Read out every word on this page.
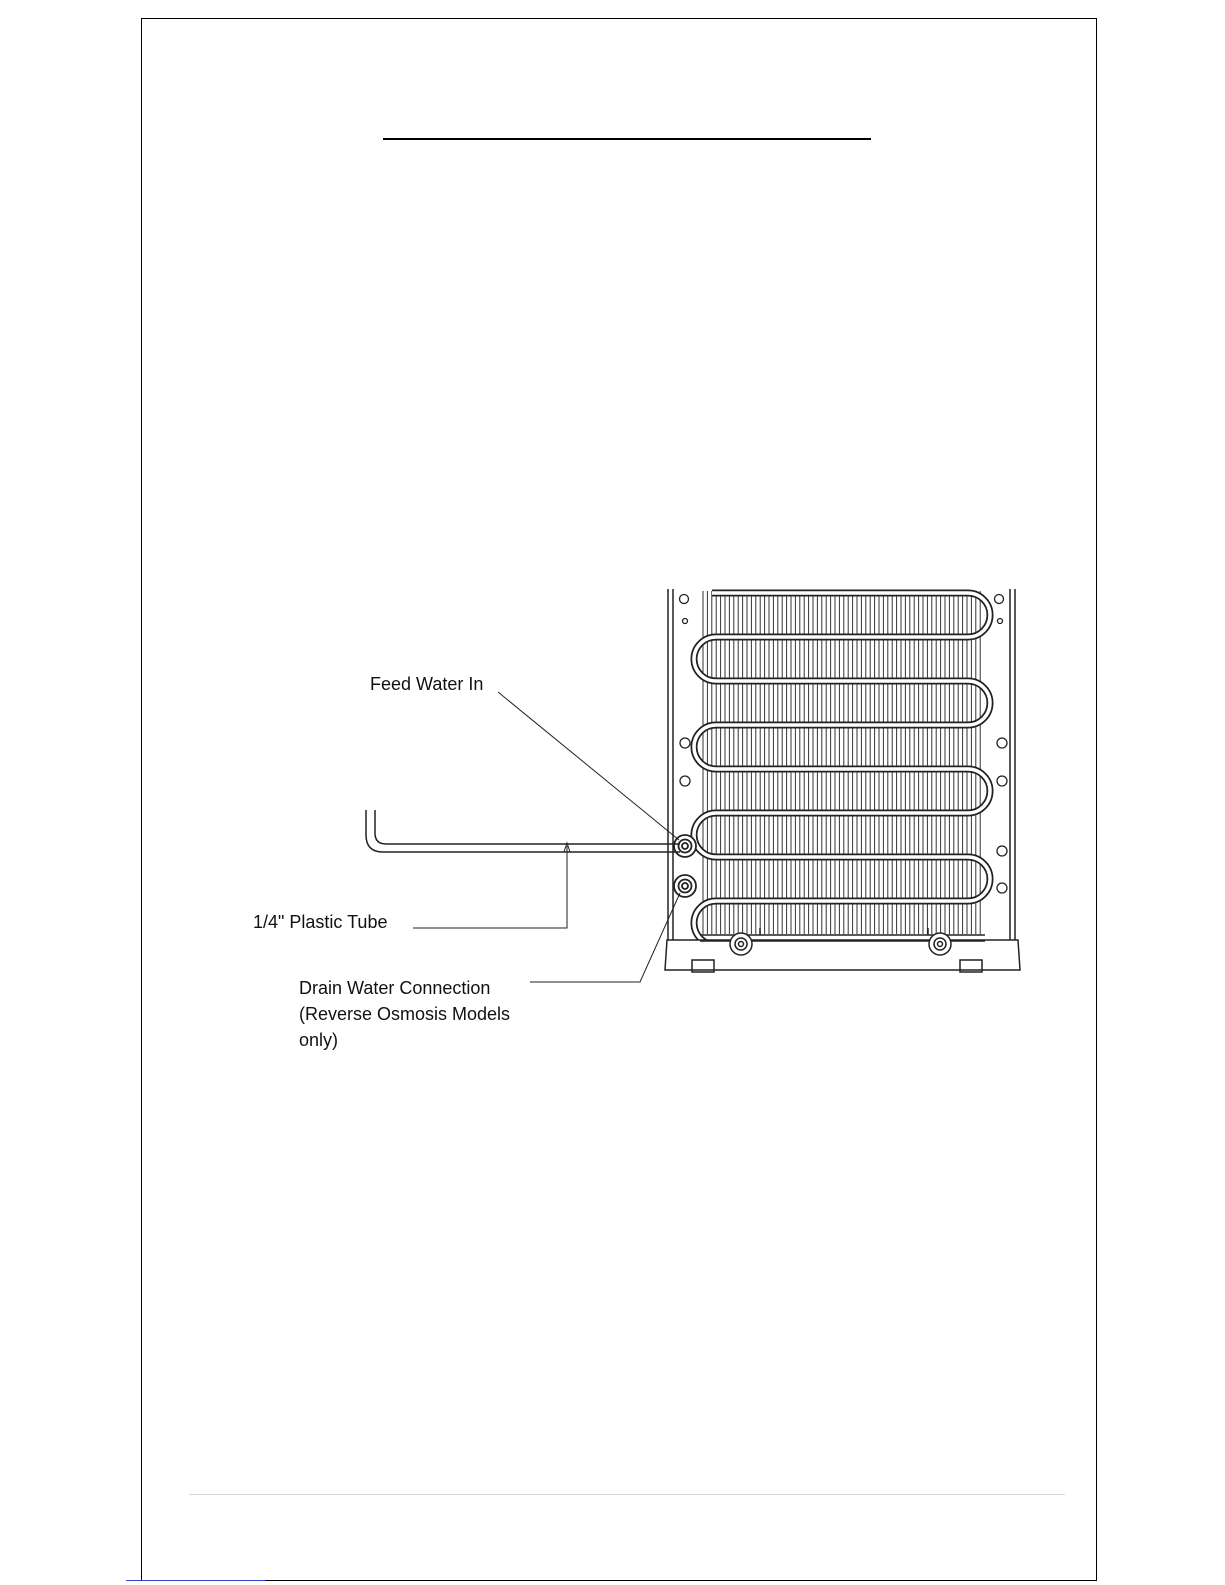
Feed Water In
1/4" Plastic Tube
Drain Water Connection
(Reverse Osmosis Models
only)
